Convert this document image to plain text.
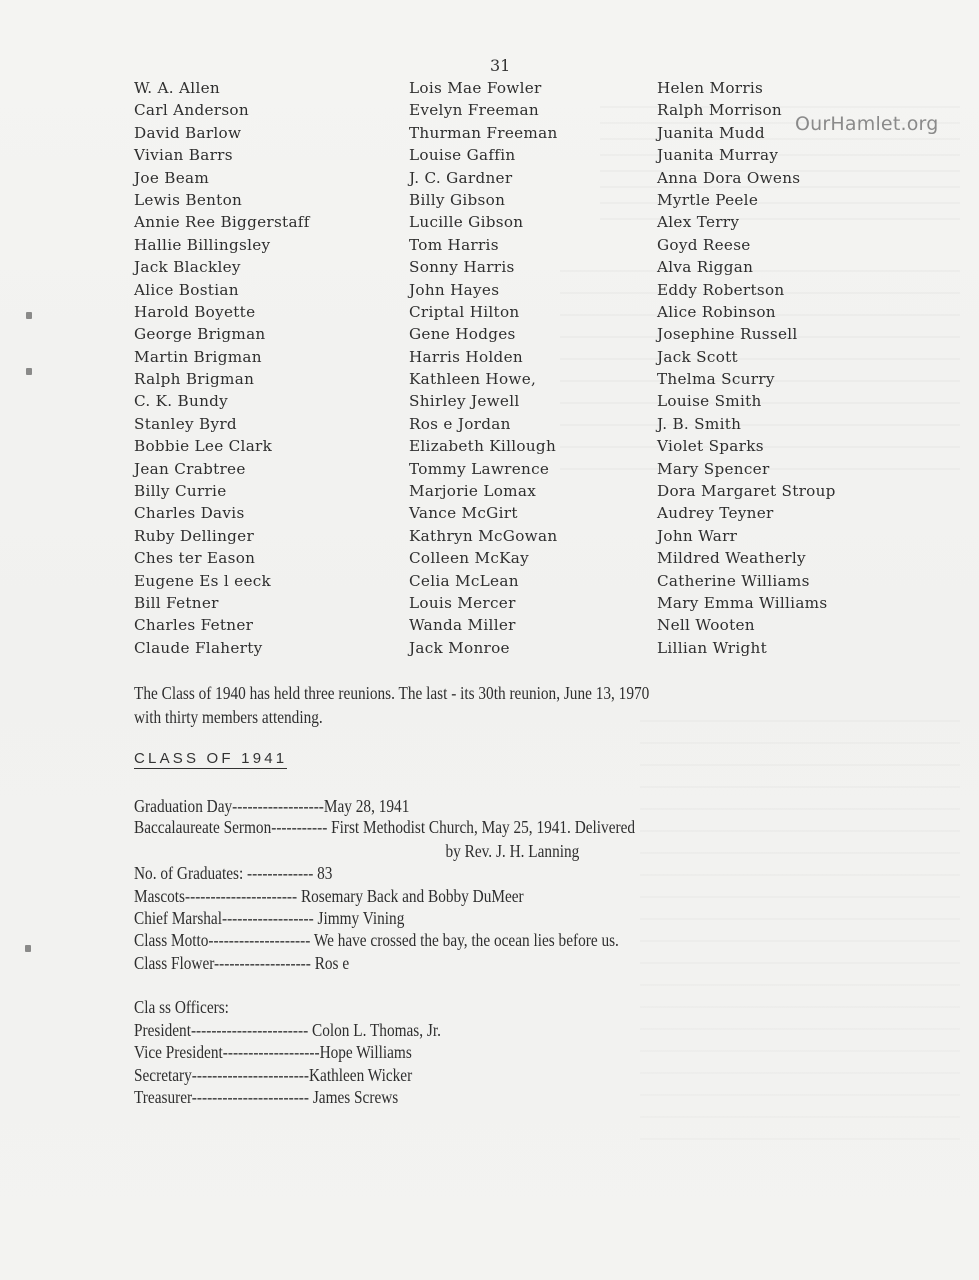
31
OurHamlet.org
W. A. Allen
Carl Anderson
David Barlow
Vivian Barrs
Joe Beam
Lewis Benton
Annie Ree Biggerstaff
Hallie Billingsley
Jack Blackley
Alice Bostian
Harold Boyette
George Brigman
Martin Brigman
Ralph Brigman
C. K. Bundy
Stanley Byrd
Bobbie Lee Clark
Jean Crabtree
Billy Currie
Charles Davis
Ruby Dellinger
Ches ter Eason
Eugene Es l eeck
Bill Fetner
Charles Fetner
Claude Flaherty
Lois Mae Fowler
Evelyn Freeman
Thurman Freeman
Louise Gaffin
J. C. Gardner
Billy Gibson
Lucille Gibson
Tom Harris
Sonny Harris
John Hayes
Criptal Hilton
Gene Hodges
Harris Holden
Kathleen Howe,
Shirley Jewell
Ros e Jordan
Elizabeth Killough
Tommy Lawrence
Marjorie Lomax
Vance McGirt
Kathryn McGowan
Colleen McKay
Celia McLean
Louis Mercer
Wanda Miller
Jack Monroe
Helen Morris
Ralph Morrison
Juanita Mudd
Juanita Murray
Anna Dora Owens
Myrtle Peele
Alex Terry
Goyd Reese
Alva Riggan
Eddy Robertson
Alice Robinson
Josephine Russell
Jack Scott
Thelma Scurry
Louise Smith
J. B. Smith
Violet Sparks
Mary Spencer
Dora Margaret Stroup
Audrey Teyner
John Warr
Mildred Weatherly
Catherine Williams
Mary Emma Williams
Nell Wooten
Lillian Wright
The Class of 1940 has held three reunions. The last - its 30th reunion, June 13, 1970
with thirty members attending.
CLASS OF 1941
Graduation Day------------------May 28, 1941
Baccalaureate Sermon----------- First Methodist Church, May 25, 1941. Delivered
by Rev. J. H. Lanning
No. of Graduates: ------------- 83
Mascots---------------------- Rosemary Back and Bobby DuMeer
Chief Marshal------------------ Jimmy Vining
Class Motto-------------------- We have crossed the bay, the ocean lies before us.
Class Flower------------------- Ros e
Cla ss Officers:
President----------------------- Colon L. Thomas, Jr.
Vice President-------------------Hope Williams
Secretary-----------------------Kathleen Wicker
Treasurer----------------------- James Screws
